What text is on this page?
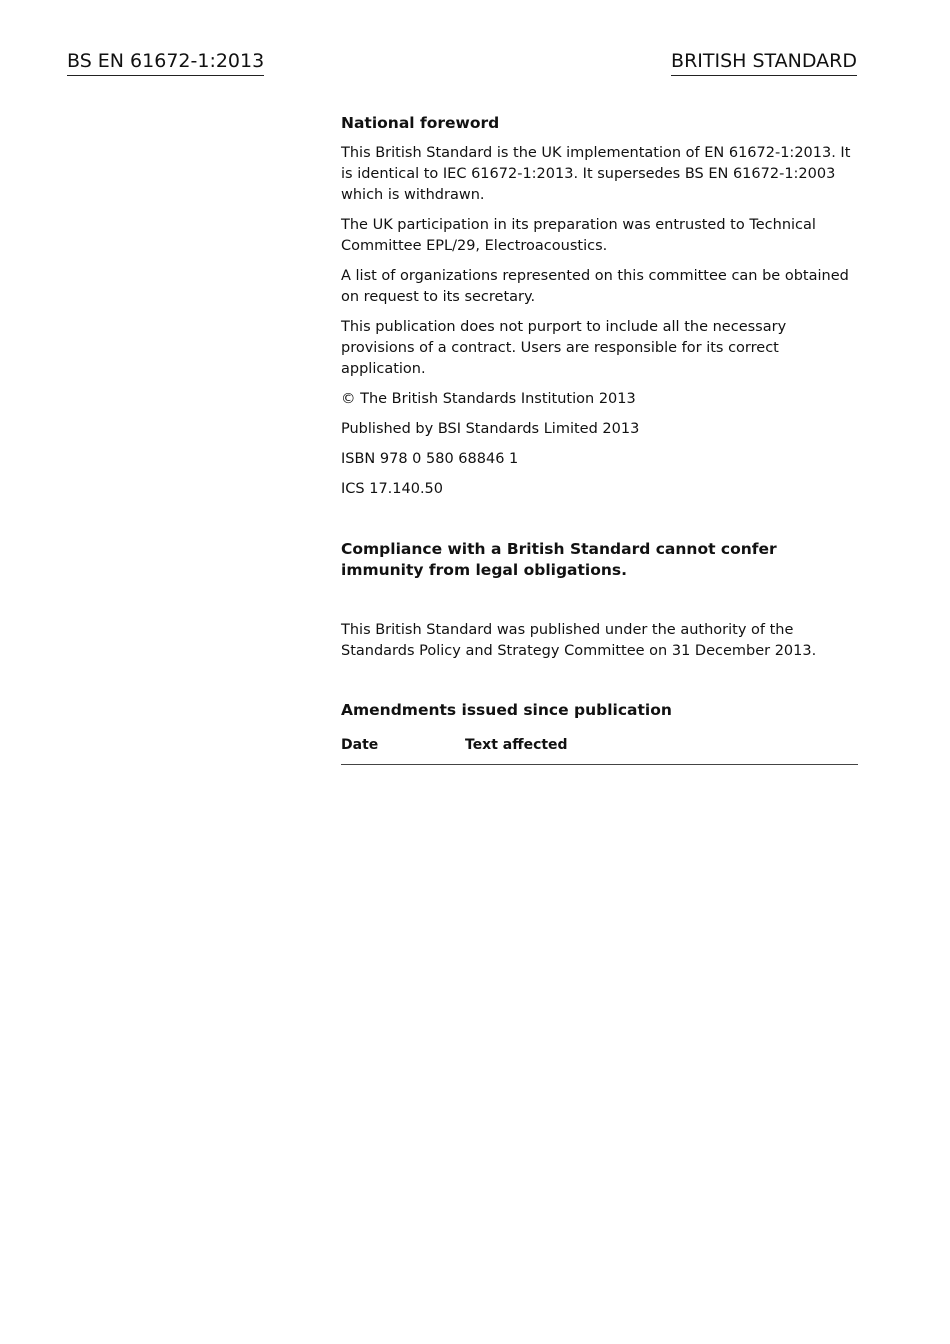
BS EN 61672-1:2013	BRITISH STANDARD

National foreword

This British Standard is the UK implementation of EN 61672-1:2013. It is identical to IEC 61672-1:2013. It supersedes BS EN 61672-1:2003 which is withdrawn.

The UK participation in its preparation was entrusted to Technical Committee EPL/29, Electroacoustics.

A list of organizations represented on this committee can be obtained on request to its secretary.

This publication does not purport to include all the necessary provisions of a contract. Users are responsible for its correct application.

© The British Standards Institution 2013

Published by BSI Standards Limited 2013

ISBN 978 0 580 68846 1

ICS 17.140.50

Compliance with a British Standard cannot confer immunity from legal obligations.

This British Standard was published under the authority of the Standards Policy and Strategy Committee on 31 December 2013.

Amendments issued since publication

Date	Text affected
